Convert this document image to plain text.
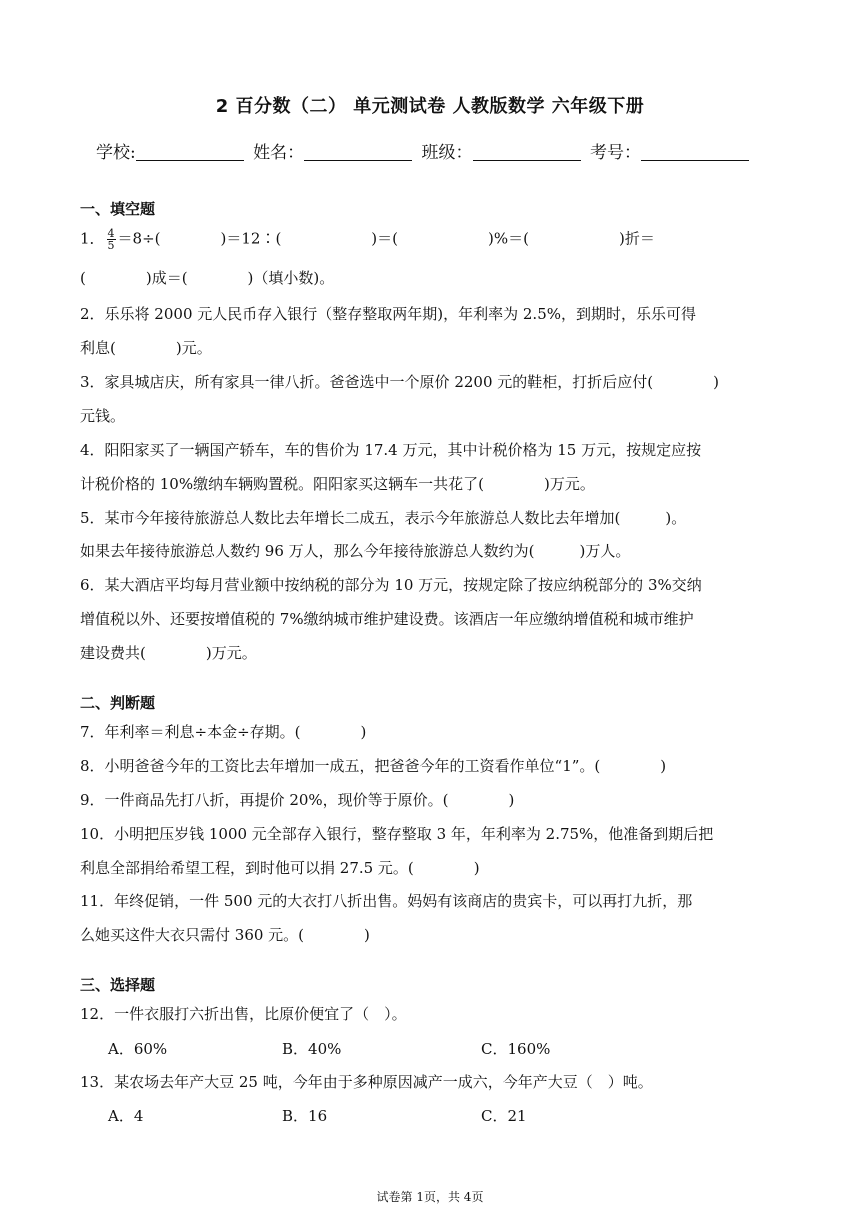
2 百分数（二） 单元测试卷 人教版数学 六年级下册
学校:	姓名：	班级：	考号：
一、填空题
1． $\frac{4}{5} =8\div$(　　　　)＝12∶(　　　　　　)＝(　　　　　　)%＝(　　　　　　)折＝
(　　　　)成＝(　　　　)（填小数)。
2．乐乐将 2000 元人民币存入银行（整存整取两年期)，年利率为 2.5%，到期时，乐乐可得
利息(　　　　)元。
3．家具城店庆，所有家具一律八折。爸爸选中一个原价 2200 元的鞋柜，打折后应付(　　　　)
元钱。
4．阳阳家买了一辆国产轿车，车的售价为 17.4 万元，其中计税价格为 15 万元，按规定应按
计税价格的 10%缴纳车辆购置税。阳阳家买这辆车一共花了(　　　　)万元。
5．某市今年接待旅游总人数比去年增长二成五，表示今年旅游总人数比去年增加(　　　)。
如果去年接待旅游总人数约 96 万人，那么今年接待旅游总人数约为(　　　)万人。
6．某大酒店平均每月营业额中按纳税的部分为 10 万元，按规定除了按应纳税部分的 3%交纳
增值税以外、还要按增值税的 7%缴纳城市维护建设费。该酒店一年应缴纳增值税和城市维护
建设费共(　　　　)万元。
二、判断题
7．年利率＝利息÷本金÷存期。(　　　　)
8．小明爸爸今年的工资比去年增加一成五，把爸爸今年的工资看作单位“1”。(　　　　)
9．一件商品先打八折，再提价 20%，现价等于原价。(　　　　)
10．小明把压岁钱 1000 元全部存入银行，整存整取 3 年，年利率为 2.75%，他准备到期后把
利息全部捐给希望工程，到时他可以捐 27.5 元。(　　　　)
11．年终促销，一件 500 元的大衣打八折出售。妈妈有该商店的贵宾卡，可以再打九折，那
么她买这件大衣只需付 360 元。(　　　　)
三、选择题
12．一件衣服打六折出售，比原价便宜了（　）。
A．60%	B．40%	C．160%
13．某农场去年产大豆 25 吨，今年由于多种原因减产一成六，今年产大豆（　）吨。
A．4	B．16	C．21
试卷第 1页，共 4页
